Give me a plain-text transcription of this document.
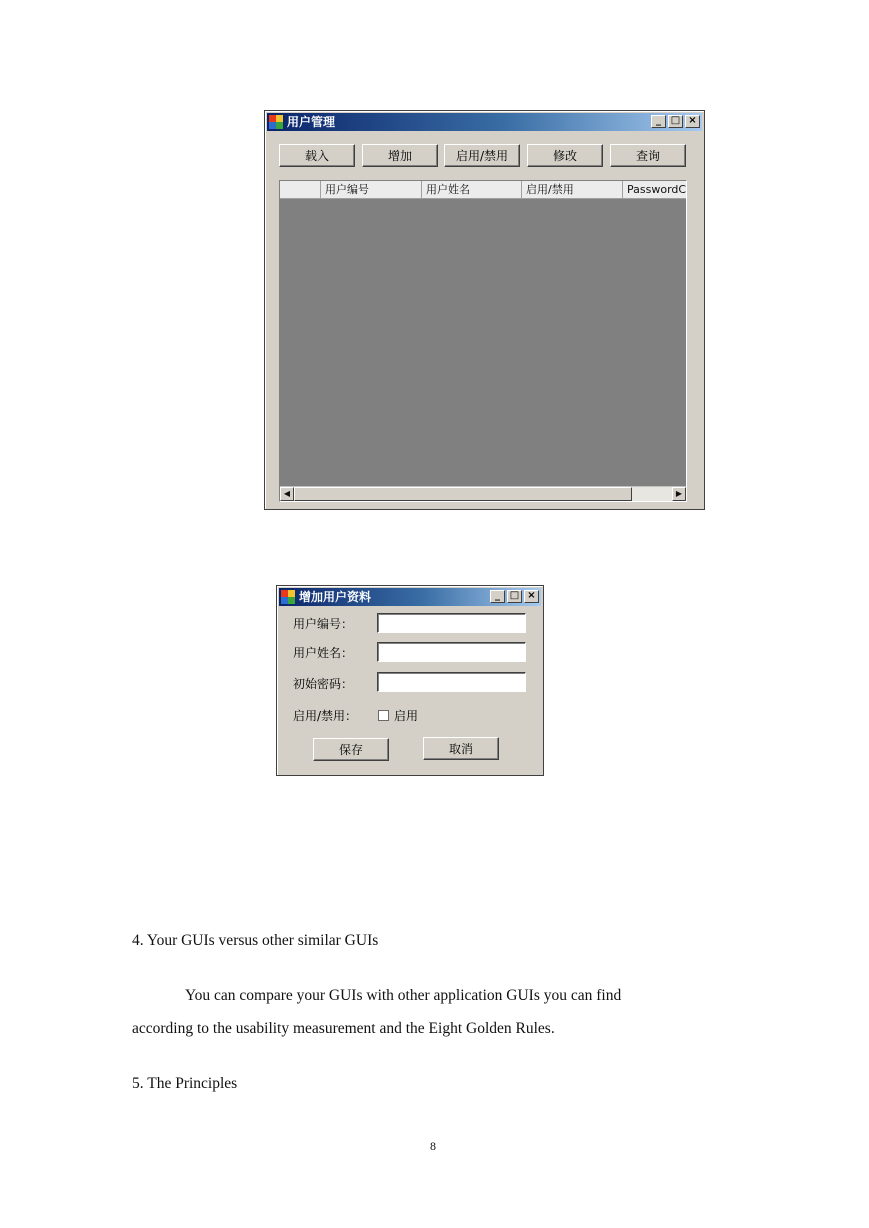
用户管理	_ □ ×
载入	增加	启用/禁用	修改	查询
用户编号	用户姓名	启用/禁用	PasswordC
◀	▶
增加用户资料	_ □ ×
用户编号：
用户姓名：
初始密码：
启用/禁用：	启用
保存	取消
4. Your GUIs versus other similar GUIs
You can compare your GUIs with other application GUIs you can find
according to the usability measurement and the Eight Golden Rules.
5. The Principles
8
